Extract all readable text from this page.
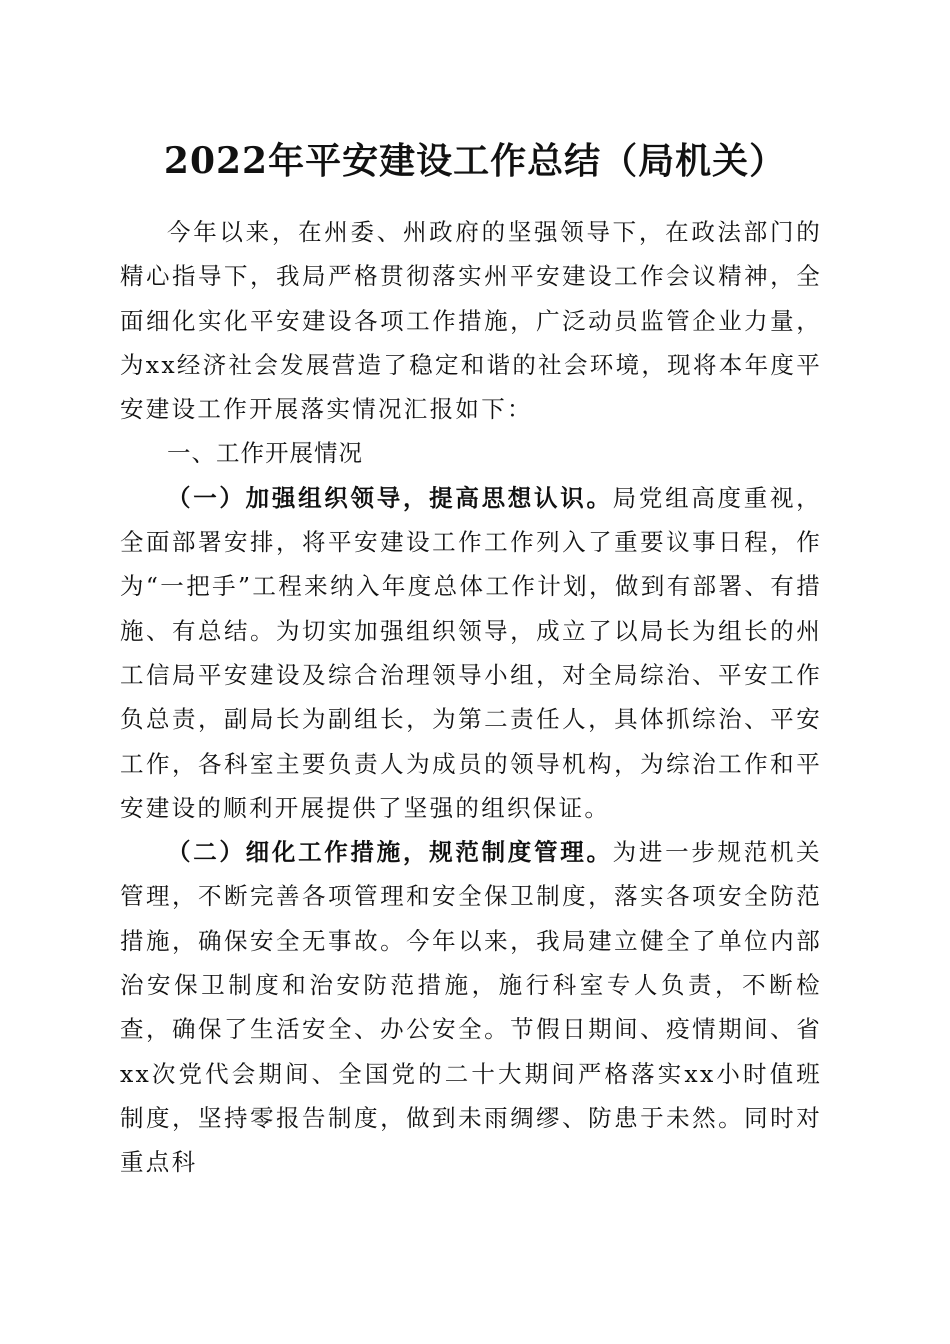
2022年平安建设工作总结（局机关）

今年以来，在州委、州政府的坚强领导下，在政法部门的精心指导下，我局严格贯彻落实州平安建设工作会议精神，全面细化实化平安建设各项工作措施，广泛动员监管企业力量，为xx经济社会发展营造了稳定和谐的社会环境，现将本年度平安建设工作开展落实情况汇报如下：

一、工作开展情况

（一）加强组织领导，提高思想认识。局党组高度重视，全面部署安排，将平安建设工作工作列入了重要议事日程，作为“一把手”工程来纳入年度总体工作计划，做到有部署、有措施、有总结。为切实加强组织领导，成立了以局长为组长的州工信局平安建设及综合治理领导小组，对全局综治、平安工作负总责，副局长为副组长，为第二责任人，具体抓综治、平安工作，各科室主要负责人为成员的领导机构，为综治工作和平安建设的顺利开展提供了坚强的组织保证。

（二）细化工作措施，规范制度管理。为进一步规范机关管理，不断完善各项管理和安全保卫制度，落实各项安全防范措施，确保安全无事故。今年以来，我局建立健全了单位内部治安保卫制度和治安防范措施，施行科室专人负责，不断检查，确保了生活安全、办公安全。节假日期间、疫情期间、省xx次党代会期间、全国党的二十大期间严格落实xx小时值班制度，坚持零报告制度，做到未雨绸缪、防患于未然。同时对重点科
